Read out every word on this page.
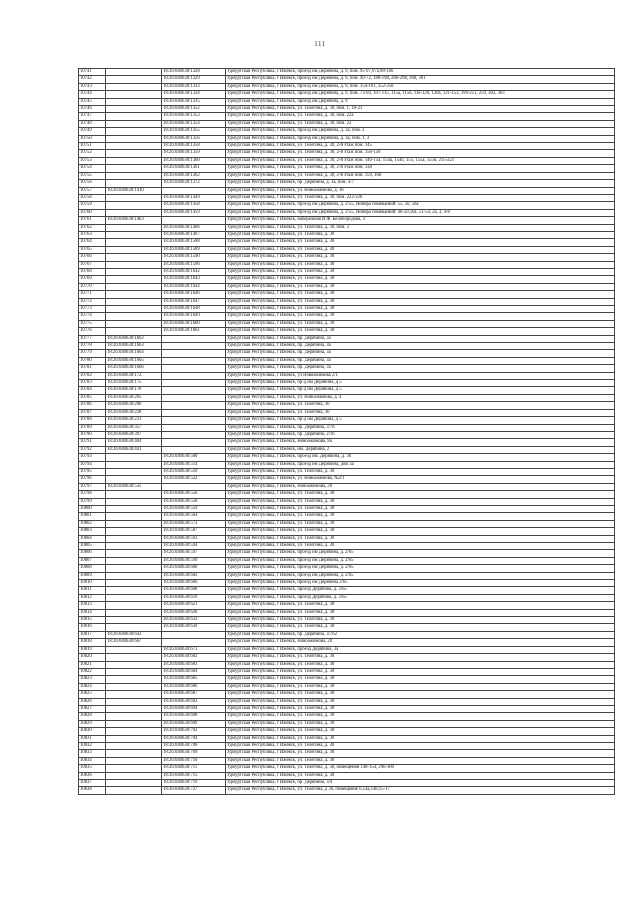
111
10741		18:26:040630:1328	Удмуртская Республика, г Ижевск, проезд им Дерябина, д. 9, пом. 95-97,97а,98-106
10742		18:26:040630:1329	Удмуртская Республика, г Ижевск, проезд им Дерябина, д. 9, пом. 49-72, 188-198, 286-298, 300, 301
10743		18:26:040630:1333	Удмуртская Республика, г Ижевск, проезд им Дерябина, д. 9, пом. 154-161, 252-258
10744		18:26:040630:1334	Удмуртская Республика, г Ижевск, проезд им Дерябина, д. 9, пом. 73-94, 107-115, 115а, 115б, 11е-120, 120а, 121-153, 199-251, 259, 302, 303
10745		18:26:040630:1335	Удмуртская Республика, г Ижевск, проезд им Дерябина, д. 9
10746		18:26:040630:1352	Удмуртская Республика, г Ижевск, ул. Телегина, д. 30, пом. 1, 18-21
10747		18:26:040630:1353	Удмуртская Республика, г Ижевск, ул. Телегина, д. 30, пом. 22а
10748		18:26:040630:1354	Удмуртская Республика, г Ижевск, ул. Телегина, д. 30, пом. 22
10749		18:26:040630:1355	Удмуртская Республика, г Ижевск, проезд им Дерябина, д. 3а, пом. 2
10750		18:26:040630:1356	Удмуртская Республика, г Ижевск, проезд им Дерябина, д. 3а, пом. 1, 3
10751		18:26:040630:1358	Удмуртская Республика, г Ижевск, ул. Телегина, д. 30, 2-й этаж пом. 145
10752		18:26:040630:1359	Удмуртская Республика, г Ижевск, ул. Телегина, д. 30, 2-й этаж пом. 156-158
10753		18:26:040630:1360	Удмуртская Республика, г Ижевск, ул. Телегина, д. 30, 2-й этаж пом. 146-154, 154а, 154б, 155, 155а, 155б, 215-221
10754		18:26:040630:1361	Удмуртская Республика, г Ижевск, ул. Телегина, д. 30, 2-й этаж пом. 138
10755		18:26:040630:1362	Удмуртская Республика, г Ижевск, ул. Телегина, д. 30, 2-й этаж пом. 159, 160
10756		18:26:040630:1372	Удмуртская Республика, г Ижевск, пр. Дерябина, д. 3а, пом. 4-7
10757	18:26:040630:1410		Удмуртская Республика, г Ижевск, ул. Новоажимова, д. 16
10758		18:26:040630:1449	Удмуртская Республика, г Ижевск, ул. Телегина, д. 30, пом. 222-226
10759		18:26:040630:1458	Удмуртская Республика, г Ижевск, проезд им Дерябина, д. 2/55, Номера помещений: 55, 56, 56а
10760		18:26:040630:1459	Удмуртская Республика, г Ижевск, проезд им Дерябина, д. 2/55, Номера помещений: 46-50,50а, 51-54, 2а, 3, 4-8
10761	18:26:040630:1463		Удмуртская Республика, г Ижевск, набережная И.Ф. Белобородова, 3
10762		18:26:040630:1466	Удмуртская Республика, г Ижевск, ул. Телегина, д. 30, пом. 3
10763		18:26:040630:1467	Удмуртская Республика, г Ижевск, ул. Телегина, д. 30
10764		18:26:040630:1588	Удмуртская Республика, г Ижевск, ул. Телегина, д. 30
10765		18:26:040630:1589	Удмуртская Республика, г Ижевск, ул. Телегина, д. 30
10766		18:26:040630:1590	Удмуртская Республика, г Ижевск, ул. Телегина, д. 30
10767		18:26:040630:1596	Удмуртская Республика, г Ижевск, ул. Телегина, д. 30
10768		18:26:040630:1642	Удмуртская Республика, г Ижевск, ул. Телегина, д. 30
10769		18:26:040630:1643	Удмуртская Республика, г Ижевск, ул. Телегина, д. 30
10770		18:26:040630:1644	Удмуртская Республика, г Ижевск, ул. Телегина, д. 30
10771		18:26:040630:1646	Удмуртская Республика, г Ижевск, ул. Телегина, д. 30
10772		18:26:040630:1647	Удмуртская Республика, г Ижевск, ул. Телегина, д. 30
10773		18:26:040630:1648	Удмуртская Республика, г Ижевск, ул. Телегина, д. 30
10774		18:26:040630:1649	Удмуртская Республика, г Ижевск, ул. Телегина, д. 30
10775		18:26:040630:1660	Удмуртская Республика, г Ижевск, ул. Телегина, д. 30
10776		18:26:040630:1661	Удмуртская Республика, г Ижевск, ул. Телегина, д. 30
10777	18:26:040630:1662		Удмуртская Республика, г Ижевск, пр. Дерябина, 3а
10778	18:26:040630:1663		Удмуртская Республика, г Ижевск, пр. Дерябина, 3а
10779	18:26:040630:1664		Удмуртская Республика, г Ижевск, пр. Дерябина, 3а
10780	18:26:040630:1665		Удмуртская Республика, г Ижевск, пр. Дерябина, 3а
10781	18:26:040630:1666		Удмуртская Республика, г Ижевск, пр. Дерябина, 3а
10782	18:26:040630:172		Удмуртская Республика, г Ижевск, ул Новоажимова 2/1
10783	18:26:040630:175		Удмуртская Республика, г Ижевск, пр-д им Дерябина, д 5
10784	18:26:040630:176		Удмуртская Республика, г Ижевск, пр-д им Дерябина, д 5
10785	18:26:040630:205		Удмуртская Республика, г Ижевск, ул. Новоажимова, д. 4
10786	18:26:040630:206		Удмуртская Республика, г Ижевск, ул. Телегина, 30
10787	18:26:040630:228		Удмуртская Республика, г Ижевск, ул. Телегина, 30
10788	18:26:040630:231		Удмуртская Республика, г Ижевск, пр-д им Дерябина, д 5
10789	18:26:040630:357		Удмуртская Республика, г Ижевск, пр. Дерябина, 3/7б
10790	18:26:040630:397		Удмуртская Республика, г Ижевск, пр. Дерябина, 2/16
10791	18:26:040630:404		Удмуртская Республика, г Ижевск, Новоажимова, 8а
10792	18:26:040630:441		Удмуртская Республика, г Ижевск, им. Дерябина, 2
10793		18:26:040630:500	Удмуртская Республика, г Ижевск, проезд им. Дерябина, д. 3б
10794		18:26:040630:514	Удмуртская Республика, г Ижевск, проезд им Дерябина, дом 3а
10795		18:26:040630:516	Удмуртская Республика, г Ижевск, ул. Телегина, д. 30
10796		18:26:040630:522	Удмуртская Республика, г Ижевск, ул. Новоажимова, №2/1
10797	18:26:040630:535		Удмуртская Республика, г Ижевск, Новоажимова, 20
10798		18:26:040630:556	Удмуртская Республика, г Ижевск, ул. Телегина, д. 30
10799		18:26:040630:558	Удмуртская Республика, г Ижевск, ул. Телегина, д. 30
10800		18:26:040630:559	Удмуртская Республика, г Ижевск, ул. Телегина, д. 30
10801		18:26:040630:564	Удмуртская Республика, г Ижевск, ул. Телегина, д. 30
10802		18:26:040630:573	Удмуртская Республика, г Ижевск, ул. Телегина, д. 30
10803		18:26:040630:587	Удмуртская Республика, г Ижевск, ул. Телегина, д. 30
10804		18:26:040630:593	Удмуртская Республика, г Ижевск, ул. Телегина, д. 30
10805		18:26:040630:594	Удмуртская Республика, г Ижевск, ул. Телегина, д. 30
10806		18:26:040630:597	Удмуртская Республика, г Ижевск, проезд им Дерябина, д. 2/65
10807		18:26:040630:599	Удмуртская Республика, г Ижевск, проезд им Дерябина, д. 2/65
10808		18:26:040630:600	Удмуртская Республика, г Ижевск, проезд им Дерябина, д. 2/65
10809		18:26:040630:602	Удмуртская Республика, г Ижевск, проезд им Дерябина, д. 2/65
10810		18:26:040630:606	Удмуртская Республика, г Ижевск, проезд им Дерябина 2/65
10811		18:26:040630:608	Удмуртская Республика, г Ижевск, проезд Дерябина, д. 2/65
10812		18:26:040630:619	Удмуртская Республика, г Ижевск, проезд Дерябина, д. 2/65
10813		18:26:040630:621	Удмуртская Республика, г Ижевск, ул. Телегина, д. 30
10814		18:26:040630:626	Удмуртская Республика, г Ижевск, ул. Телегина, д. 30
10815		18:26:040630:633	Удмуртская Республика, г Ижевск, ул. Телегина, д. 30
10816		18:26:040630:639	Удмуртская Республика, г Ижевск, ул. Телегина, д. 30
10817	18:26:040630:643		Удмуртская Республика, г Ижевск, пр. Дерябина, 3/7б2
10818	18:26:040630:667		Удмуртская Республика, г Ижевск, Новоажимова, 20
10819		18:26:040630:673	Удмуртская Республика, г Ижевск, проезд Дерябина, 3а
10820		18:26:040630:682	Удмуртская Республика, г Ижевск, ул. Телегина, д. 30
10821		18:26:040630:683	Удмуртская Республика, г Ижевск, ул. Телегина, д. 30
10822		18:26:040630:684	Удмуртская Республика, г Ижевск, ул. Телегина, д. 30
10823		18:26:040630:685	Удмуртская Республика, г Ижевск, ул. Телегина, д. 30
10824		18:26:040630:686	Удмуртская Республика, г Ижевск, ул. Телегина, д. 30
10825		18:26:040630:687	Удмуртская Республика, г Ижевск, ул. Телегина, д. 30
10826		18:26:040630:692	Удмуртская Республика, г Ижевск, ул. Телегина, д. 30
10827		18:26:040630:694	Удмуртская Республика, г Ижевск, ул. Телегина, д. 30
10828		18:26:040630:698	Удмуртская Республика, г Ижевск, ул. Телегина, д. 30
10829		18:26:040630:699	Удмуртская Республика, г Ижевск, ул. Телегина, д. 30
10830		18:26:040630:702	Удмуртская Республика, г Ижевск, ул. Телегина, д. 30
10831		18:26:040630:704	Удмуртская Республика, г Ижевск, ул. Телегина, д. 30
10832		18:26:040630:708	Удмуртская Республика, г Ижевск, ул. Телегина, д. 30
10833		18:26:040630:709	Удмуртская Республика, г Ижевск, ул. Телегина, д. 30
10834		18:26:040630:710	Удмуртская Республика, г Ижевск, ул. Телегина, д. 30
10835		18:26:040630:711	Удмуртская Республика, г Ижевск, ул. Телегина, д. 30, помещения 148-154, 296-300
10836		18:26:040630:715	Удмуртская Республика, г Ижевск, ул. Телегина, д. 30
10837		18:26:040630:719	Удмуртская Республика, г Ижевск, пр. Дерябина, 3/4
10838		18:26:040630:727	Удмуртская Республика, г Ижевск, ул. Телегина, д 30, помещение 6,14а,148,15-17
